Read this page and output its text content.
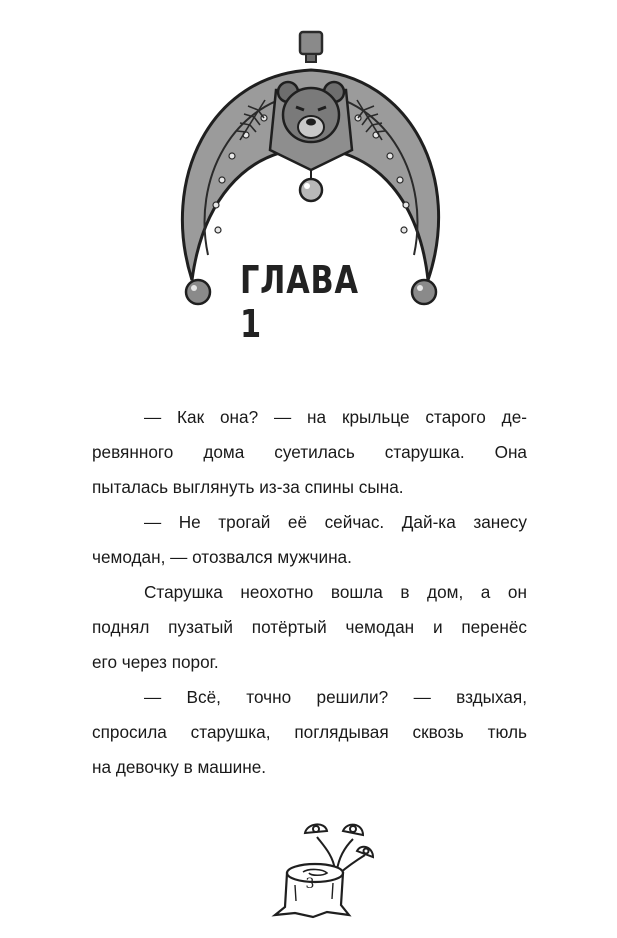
ГЛАВА 1
— Как она? — на крыльце старого де-
ревянного дома суетилась старушка. Она
пыталась выглянуть из-за спины сына.
— Не трогай её сейчас. Дай-ка занесу
чемодан, — отозвался мужчина.
Старушка неохотно вошла в дом, а он
поднял пузатый потёртый чемодан и перенёс
его через порог.
— Всё, точно решили? — вздыхая,
спросила старушка, поглядывая сквозь тюль
на девочку в машине.
3
